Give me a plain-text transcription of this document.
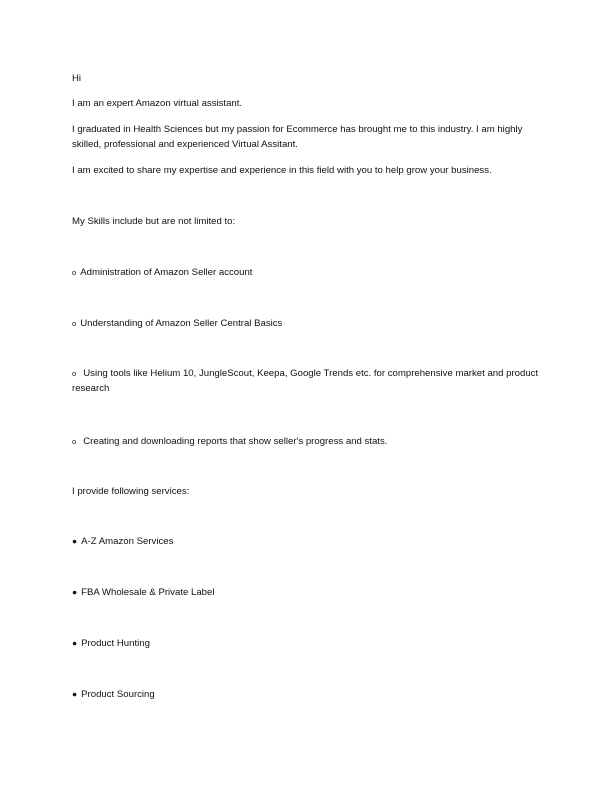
Hi
I am an expert Amazon virtual assistant.
I graduated in Health Sciences but my passion for Ecommerce has brought me to this industry. I am highly skilled, professional and experienced Virtual Assitant.
I am excited to share my expertise and experience in this field with you to help grow your business.
My Skills include but are not limited to:
o Administration of Amazon Seller account
o Understanding of Amazon Seller Central Basics
o Using tools like Helium 10, JungleScout, Keepa, Google Trends etc. for comprehensive market and product research
o Creating and downloading reports that show seller's progress and stats.
I provide following services:
● A-Z Amazon Services
● FBA Wholesale & Private Label
● Product Hunting
● Product Sourcing
